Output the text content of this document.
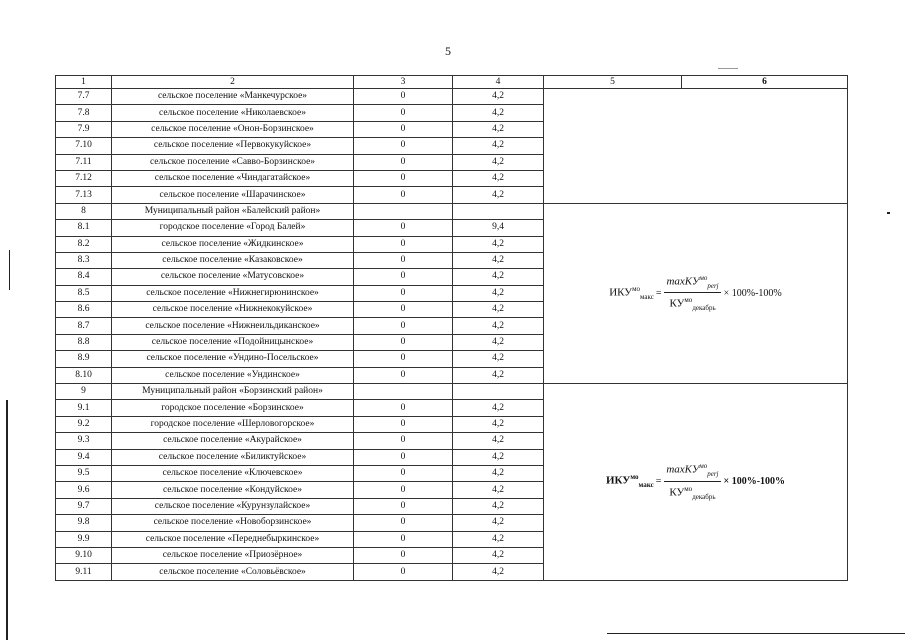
5
1	2	3	4	5	6
7.7	сельское поселение «Манкечурское»	0	4,2		
7.8	сельское поселение «Николаевское»	0	4,2		
7.9	сельское поселение «Онон-Борзинское»	0	4,2		
7.10	сельское поселение «Первокукуйское»	0	4,2		
7.11	сельское поселение «Савво-Борзинское»	0	4,2		
7.12	сельское поселение «Чиндагатайское»	0	4,2		
7.13	сельское поселение «Шарачинское»	0	4,2		
8	Муниципальный район «Балейский район»			$ИКУ^{мо}_{макс} = \frac{\max КУ^{мо}_{perj}}{КУ^{мо}_{декабрь}} \times 100\%-100\%$	

8.1	городское поселение «Город Балей»	0	9,4		
8.2	сельское поселение «Жидкинское»	0	4,2		
8.3	сельское поселение «Казаковское»	0	4,2		
8.4	сельское поселение «Матусовское»	0	4,2		
8.5	сельское поселение «Нижнегирюнинское»	0	4,2		
8.6	сельское поселение «Нижнекокуйское»	0	4,2		
8.7	сельское поселение «Нижнеильдиканское»	0	4,2		
8.8	сельское поселение «Подойницынское»	0	4,2		
8.9	сельское поселение «Ундино-Посельское»	0	4,2		
8.10	сельское поселение «Ундинское»	0	4,2		
9	Муниципальный район «Борзинский район»			$ИКУ^{мо}_{макс} = \frac{\max КУ^{мо}_{perj}}{КУ^{мо}_{декабрь}} \times 100\%-100\%$	

9.1	городское поселение «Борзинское»	0	4,2		
9.2	городское поселение «Шерловогорское»	0	4,2		
9.3	сельское поселение «Акурайское»	0	4,2		
9.4	сельское поселение «Биликтуйское»	0	4,2		
9.5	сельское поселение «Ключевское»	0	4,2		
9.6	сельское поселение «Кондуйское»	0	4,2		
9.7	сельское поселение «Курунзулайское»	0	4,2		
9.8	сельское поселение «Новоборзинское»	0	4,2		
9.9	сельское поселение «Переднебыркинское»	0	4,2		
9.10	сельское поселение «Приозёрное»	0	4,2		
9.11	сельское поселение «Соловьёвское»	0	4,2		
